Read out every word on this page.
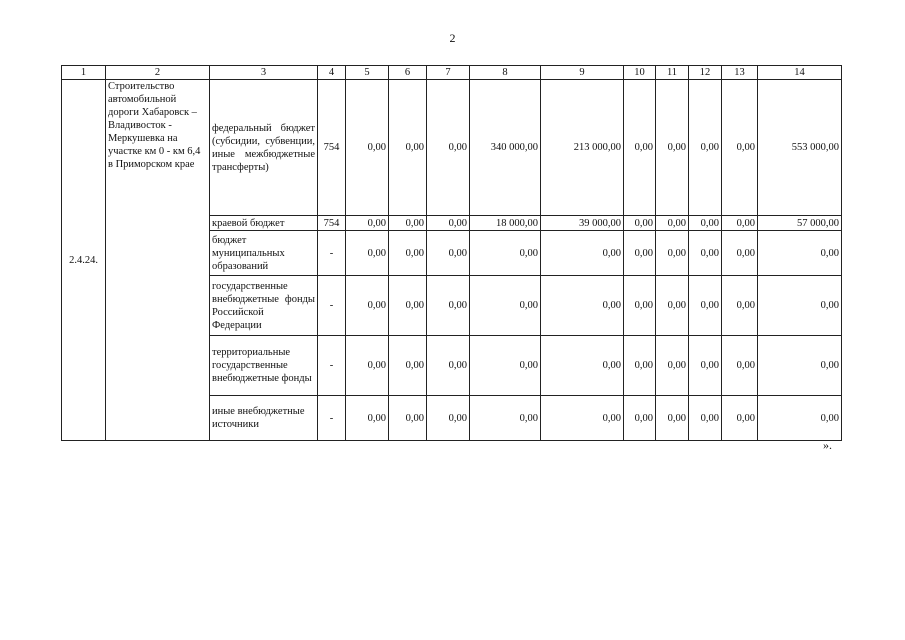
2
1	2	3	4	5	6	7	8	9	10	11	12	13	14
2.4.24.	Строительство автомобильной дороги Хабаровск – Владивосток - Меркушевка на участке км 0 - км 6,4 в Приморском крае	федеральный бюджет (субсидии, субвенции, иные межбюджетные трансферты)	754	0,00	0,00	0,00	340 000,00	213 000,00	0,00	0,00	0,00	0,00	553 000,00
		краевой бюджет	754	0,00	0,00	0,00	18 000,00	39 000,00	0,00	0,00	0,00	0,00	57 000,00
		бюджет муниципальных образований	-	0,00	0,00	0,00	0,00	0,00	0,00	0,00	0,00	0,00	0,00
		государственные внебюджетные фонды Российской Федерации	-	0,00	0,00	0,00	0,00	0,00	0,00	0,00	0,00	0,00	0,00
		территориальные государственные внебюджетные фонды	-	0,00	0,00	0,00	0,00	0,00	0,00	0,00	0,00	0,00	0,00
		иные внебюджетные источники	-	0,00	0,00	0,00	0,00	0,00	0,00	0,00	0,00	0,00	0,00
».
